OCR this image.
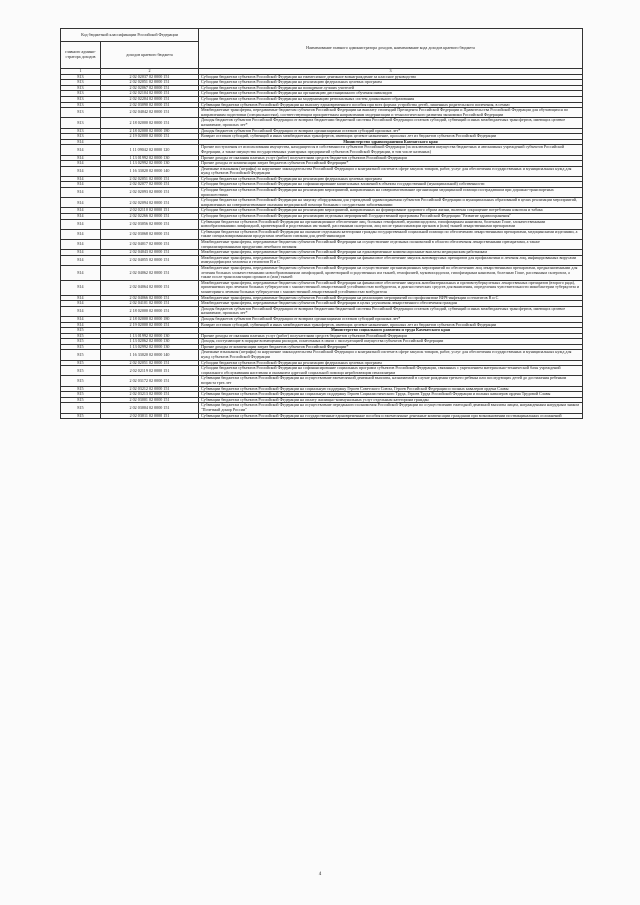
Код бюджетной классификации Российской Федерации		Наименование главного администратора доходов, наименование кода доходов краевого бюджета
главного админи-стратора доходов	доходов краевого бюджета	
1	2	3
813	2 02 02037 02 0000 151	Субсидии бюджетам субъектов Российской Федерации на ежемесячное денежное вознаграждение за классное руководство
813	2 02 02051 02 0000 151	Субсидии бюджетам субъектов Российской Федерации на реализацию федеральных целевых программ
813	2 02 02067 02 0000 151	Субсидии бюджетам субъектов Российской Федерации на поощрение лучших учителей
813	2 02 02104 02 0000 151	Субсидии бюджетам субъектов Российской Федерации на организацию дистанционного обучения инвалидов
813	2 02 02204 02 0000 151	Субсидии бюджетам субъектов Российской Федерации на модернизацию региональных систем дошкольного образования
813	2 02 03090 02 0000 151	Субвенции бюджетам субъектов Российской Федерации на выплату единовременного пособия при всех формах устройства детей, лишенных родительского попечения, в семью
813	2 02 04042 02 0000 151	Межбюджетные трансферты, передаваемые бюджетам субъектов Российской Федерации на выплату стипендий Президента Российской Федерации и Правительства Российской Федерации для обучающихся по направлениям подготовки (специальностям), соответствующим приоритетным направлениям модернизации и технологического развития экономики Российской Федерации
813	2 18 02000 02 0000 151	Доходы бюджетов субъектов Российской Федерации от возврата бюджетами бюджетной системы Российской Федерации остатков субсидий, субвенций и иных межбюджетных трансфертов, имеющих целевое назначение, прошлых лет*
813	2 18 02000 02 0000 180	Доходы бюджетов субъектов Российской Федерации от возврата организациями остатков субсидий прошлых лет*
813	2 19 02000 02 0000 151	Возврат остатков субсидий, субвенций и иных межбюджетных трансфертов, имеющих целевое назначение, прошлых лет из бюджетов субъектов Российской Федерации
814		Министерство здравоохранения Камчатского края
814	1 11 09042 02 0000 120	Прочие поступления от использования имущества, находящегося в собственности субъектов Российской Федерации (за исключением имущества бюджетных и автономных учреждений субъектов Российской Федерации, а также имущества государственных унитарных предприятий субъектов Российской Федерации, в том числе казенных)
814	1 13 01992 02 0000 130	Прочие доходы от оказания платных услуг (работ) получателями средств бюджетов субъектов Российской Федерации
814	1 13 02992 02 0000 130	Прочие доходы от компенсации затрат бюджетов субъектов Российской Федерации*
814	1 16 33020 02 0000 140	Денежные взыскания (штрафы) за нарушение законодательства Российской Федерации о контрактной системе в сфере закупок товаров, работ, услуг для обеспечения государственных и муниципальных нужд для нужд субъектов Российской Федерации
814	2 02 02051 02 0000 151	Субсидии бюджетам субъектов Российской Федерации на реализацию федеральных целевых программ
814	2 02 02077 02 0000 151	Субсидии бюджетам субъектов Российской Федерации на софинансирование капитальных вложений в объекты государственной (муниципальной) собственности
814	2 02 02093 02 0000 151	Субсидии бюджетам субъектов Российской Федерации на реализацию мероприятий, направленных на совершенствование организации медицинской помощи пострадавшим при дорожно-транспортных происшествиях
814	2 02 02094 02 0000 151	Субсидии бюджетам субъектов Российской Федерации на закупку оборудования для учреждений здравоохранения субъектов Российской Федерации и муниципальных образований в целях реализации мероприятий, направленных на совершенствование оказания медицинской помощи больным с сосудистыми заболеваниями
814	2 02 02110 02 0000 151	Субсидии бюджетам субъектов Российской Федерации на реализацию мероприятий, направленных на формирование здорового образа жизни, включая сокращение потребления алкоголя и табака
814	2 02 02266 02 0000 151	Субсидии бюджетам субъектов Российской Федерации на реализацию отдельных мероприятий Государственной программы Российской Федерации "Развитие здравоохранения"
814	2 02 03056 02 0000 151	Субвенции бюджетам субъектов Российской Федерации на организационное обеспечение лиц, больных гемофилией, муковисцидозом, гипофизарным нанизмом, болезнью Гоше, злокачественными новообразованиями лимфоидной, кроветворной и родственных им тканей, рассеянным склерозом, лиц после трансплантации органов и (или) тканей лекарственными препаратами
814	2 02 03068 02 0000 151	Субвенции бюджетам субъектов Российской Федерации на оказание отдельным категориям граждан государственной социальной помощи по обеспечению лекарственными препаратами, медицинскими изделиями, а также специализированными продуктами лечебного питания для детей-инвалидов
814	2 02 04017 02 0000 151	Межбюджетные трансферты, передаваемые бюджетам субъектов Российской Федерации на осуществление отдельных полномочий в области обеспечения лекарственными препаратами, а также специализированными продуктами лечебного питания
814	2 02 04043 02 0000 151	Межбюджетные трансферты, передаваемые бюджетам субъектов Российской Федерации на единовременные компенсационные выплаты медицинским работникам
814	2 02 04055 02 0000 151	Межбюджетные трансферты, передаваемые бюджетам субъектов Российской Федерации на финансовое обеспечение закупок антивирусных препаратов для профилактики и лечения лиц, инфицированных вирусами иммунодефицита человека и гепатитов В и С
814	2 02 04062 02 0000 151	Межбюджетные трансферты, передаваемые бюджетам субъектов Российской Федерации на осуществление организационных мероприятий по обеспечению лиц лекарственными препаратами, предназначенными для лечения больных злокачественными новообразованиями лимфоидной, кроветворной и родственных им тканей, гемофилией, муковисцидозом, гипофизарным нанизмом, болезнью Гоше, рассеянным склерозом, а также после трансплантации органов и (или) тканей
814	2 02 04064 02 0000 151	Межбюджетные трансферты, передаваемые бюджетам субъектов Российской Федерации на финансовое обеспечение закупок антибактериальных и противотуберкулезных лекарственных препаратов (второго ряда), применяемых при лечении больных туберкулезом с множественной лекарственной устойчивостью возбудителя, и диагностических средств для выявления, определения чувствительности микобактерии туберкулеза и мониторинга лечения больных туберкулезом с множественной лекарственной устойчивостью возбудителя
814	2 02 04066 02 0000 151	Межбюджетные трансферты, передаваемые бюджетам субъектов Российской Федерации на реализацию мероприятий по профилактике ВИЧ-инфекции и гепатитов В и С
814	2 02 04101 02 0000 151	Межбюджетные трансферты, передаваемые бюджетам субъектов Российской Федерации в целях улучшения лекарственного обеспечения граждан
814	2 18 02000 02 0000 151	Доходы бюджетов субъектов Российской Федерации от возврата бюджетами бюджетной системы Российской Федерации остатков субсидий, субвенций и иных межбюджетных трансфертов, имеющих целевое назначение, прошлых лет*
814	2 18 02000 02 0000 180	Доходы бюджетов субъектов Российской Федерации от возврата организациями остатков субсидий прошлых лет*
814	2 19 02000 02 0000 151	Возврат остатков субсидий, субвенций и иных межбюджетных трансфертов, имеющих целевое назначение, прошлых лет из бюджетов субъектов Российской Федерации
815		Министерство социального развития и труда Камчатского края
815	1 13 01992 02 0000 130	Прочие доходы от оказания платных услуг (работ) получателями средств бюджетов субъектов Российской Федерации
815	1 13 02062 02 0000 130	Доходы, поступающие в порядке возмещения расходов, понесенных в связи с эксплуатацией имущества субъектов Российской Федерации
815	1 13 02992 02 0000 130	Прочие доходы от компенсации затрат бюджетов субъектов Российской Федерации*
815	1 16 33020 02 0000 140	Денежные взыскания (штрафы) за нарушение законодательства Российской Федерации о контрактной системе в сфере закупок товаров, работ, услуг для обеспечения государственных и муниципальных нужд для нужд субъектов Российской Федерации
815	2 02 02051 02 0000 151	Субсидии бюджетам субъектов Российской Федерации на реализацию федеральных целевых программ
815	2 02 02119 02 0000 151	Субсидии бюджетам субъектов Российской Федерации на софинансирование социальных программ субъектов Российской Федерации, связанных с укреплением материально-технической базы учреждений социального обслуживания населения и оказанием адресной социальной помощи неработающим пенсионерам
815	2 02 03172 02 0000 151	Субвенции бюджетам субъектов Российской Федерации на осуществление ежемесячной денежной выплаты, назначаемой в случае рождения третьего ребенка или последующих детей до достижения ребенком возраста трех лет
815	2 02 03212 02 0000 151	Субвенции бюджетам субъектов Российской Федерации на социальную поддержку Героев Советского Союза, Героев Российской Федерации и полных кавалеров ордена Славы
815	2 02 03213 02 0000 151	Субвенции бюджетам субъектов Российской Федерации на социальную поддержку Героев Социалистического Труда, Героев Труда Российской Федерации и полных кавалеров ордена Трудовой Славы
815	2 02 03001 02 0000 151	Субвенции бюджетам субъектов Российской Федерации на оплату жилищно-коммунальных услуг отдельным категориям граждан
815	2 02 03004 02 0000 151	Субвенции бюджетам субъектов Российской Федерации на осуществление переданного полномочия Российской Федерации по осуществлению ежегодной денежной выплаты лицам, награжденным нагрудным знаком "Почетный донор России"
815	2 02 03011 02 0000 151	Субвенции бюджетам субъектов Российской Федерации на государственные единовременные пособия и ежемесячные денежные компенсации гражданам при возникновении поствакцинальных осложнений
4
